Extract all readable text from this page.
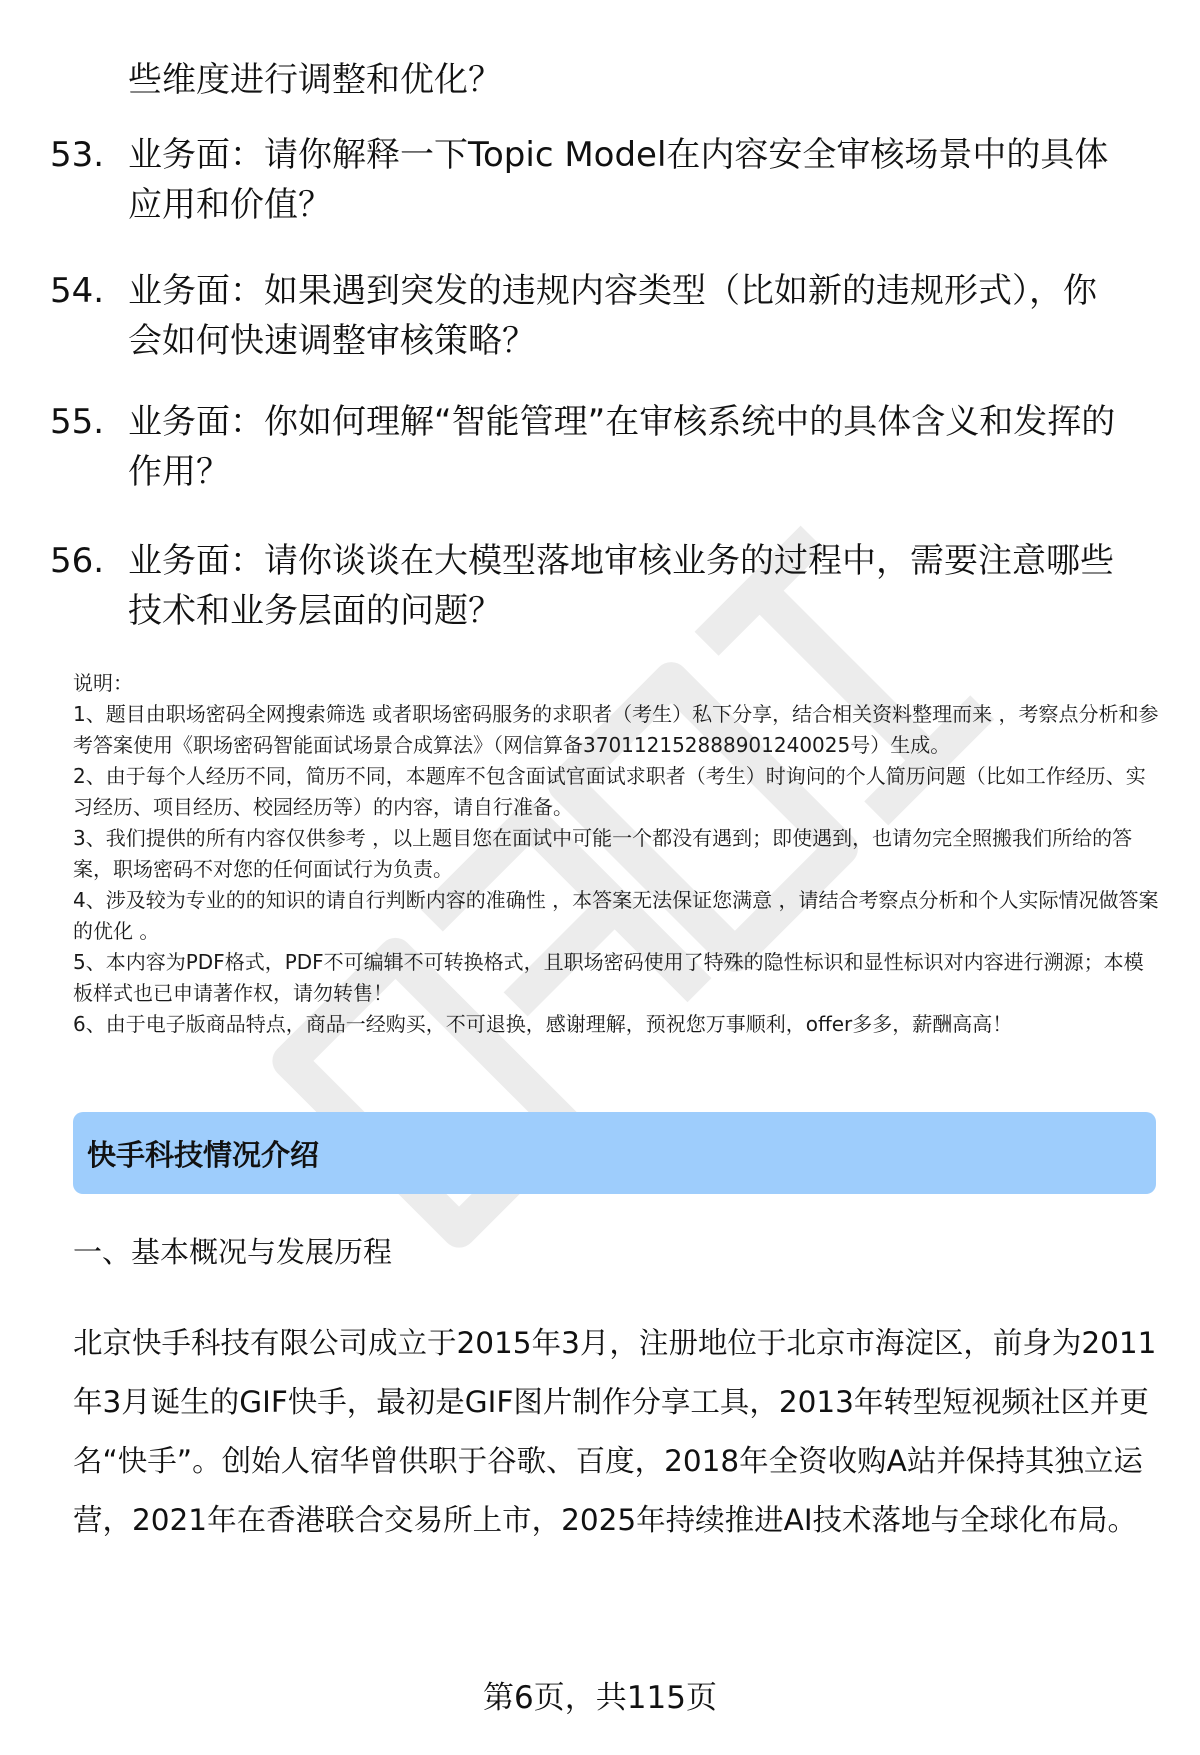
些维度进行调整和优化？

53. 业务面：请你解释一下Topic Model在内容安全审核场景中的具体应用和价值？
54. 业务面：如果遇到突发的违规内容类型（比如新的违规形式），你会如何快速调整审核策略？
55. 业务面：你如何理解“智能管理”在审核系统中的具体含义和发挥的作用？
56. 业务面：请你谈谈在大模型落地审核业务的过程中，需要注意哪些技术和业务层面的问题？

说明：

1、题目由职场密码全网搜索筛选 或者职场密码服务的求职者（考生）私下分享，结合相关资料整理而来 ，考察点分析和参考答案使用《职场密码智能面试场景合成算法》（网信算备370112152888901240025号）生成。

2、由于每个人经历不同，简历不同，本题库不包含面试官面试求职者（考生）时询问的个人简历问题（比如工作经历、实习经历、项目经历、校园经历等）的内容，请自行准备。

3、我们提供的所有内容仅供参考 ，以上题目您在面试中可能一个都没有遇到；即使遇到，也请勿完全照搬我们所给的答案，职场密码不对您的任何面试行为负责。

4、涉及较为专业的的知识的请自行判断内容的准确性 ，本答案无法保证您满意 ，请结合考察点分析和个人实际情况做答案的优化 。

5、本内容为PDF格式，PDF不可编辑不可转换格式，且职场密码使用了特殊的隐性标识和显性标识对内容进行溯源；本模板样式也已申请著作权，请勿转售！

6、由于电子版商品特点，商品一经购买，不可退换，感谢理解，预祝您万事顺利，offer多多，薪酬高高！

快手科技情况介绍
一、基本概况与发展历程

北京快手科技有限公司成立于2015年3月，注册地位于北京市海淀区，前身为2011年3月诞生的GIF快手，最初是GIF图片制作分享工具，2013年转型短视频社区并更名“快手”。创始人宿华曾供职于谷歌、百度，2018年全资收购A站并保持其独立运营，2021年在香港联合交易所上市，2025年持续推进AI技术落地与全球化布局。

第6页，共115页
